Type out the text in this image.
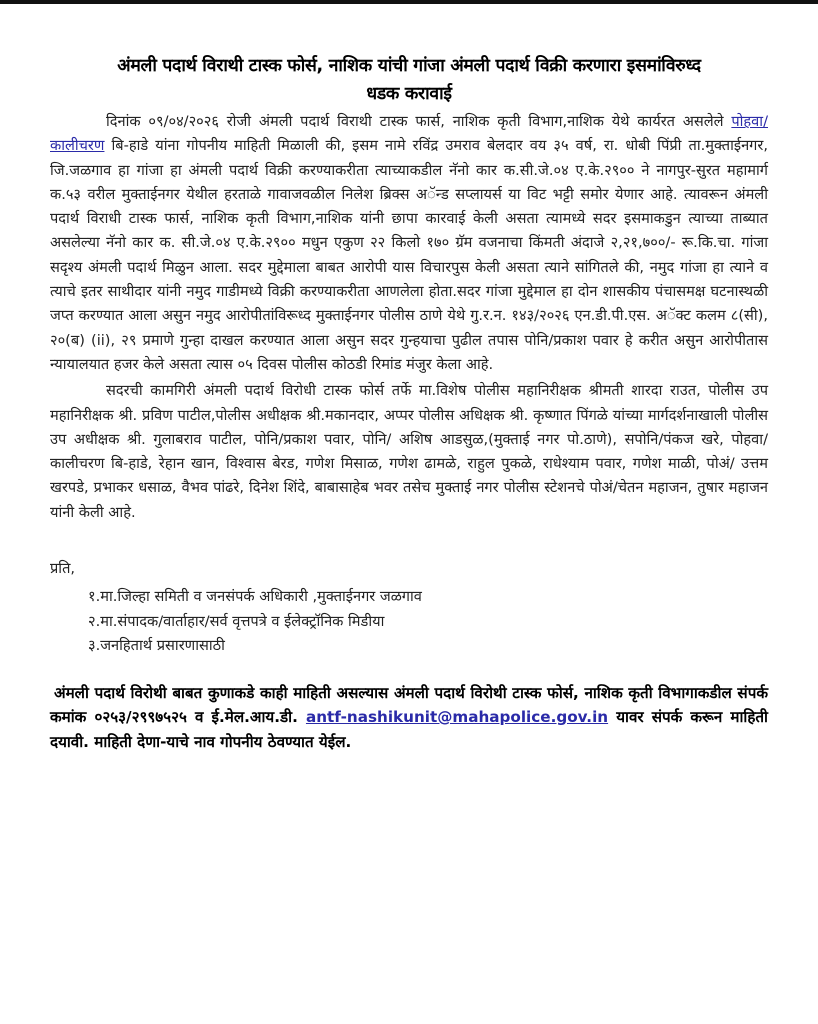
अंमली पदार्थ विराथी टास्क फोर्स, नाशिक यांची गांजा अंमली पदार्थ विक्री करणारा इसमांविरुध्द
धडक करावाई

दिनांक ०९/०४/२०२६ रोजी अंमली पदार्थ विराथी टास्क फार्स, नाशिक कृती विभाग,नाशिक येथे कार्यरत असलेले पोहवा/कालीचरण बि-हाडे यांना गोपनीय माहिती मिळाली की, इसम नामे रविंद्र उमराव बेलदार वय ३५ वर्ष, रा. धोबी पिंप्री ता.मुक्ताईनगर, जि.जळगाव हा गांजा हा अंमली पदार्थ विक्री करण्याकरीता त्याच्याकडील नॅनो कार क.सी.जे.०४ ए.के.२९०० ने नागपुर-सुरत महामार्ग क.५३ वरील मुक्ताईनगर येथील हरताळे गावाजवळील निलेश ब्रिक्स अॅन्ड सप्लायर्स या विट भट्टी समोर येणार आहे. त्यावरून अंमली पदार्थ विराधी टास्क फार्स, नाशिक कृती विभाग,नाशिक यांनी छापा कारवाई केली असता त्यामध्ये सदर इसमाकडुन त्याच्या ताब्यात असलेल्या नॅनो कार क. सी.जे.०४ ए.के.२९०० मधुन एकुण २२ किलो १७० ग्रॅम वजनाचा किंमती अंदाजे २,२१,७००/- रू.कि.चा. गांजा सदृश्य अंमली पदार्थ मिळुन आला. सदर मुद्देमाला बाबत आरोपी यास विचारपुस केली असता त्याने सांगितले की, नमुद गांजा हा त्याने व त्याचे इतर साथीदार यांनी नमुद गाडीमध्ये विक्री करण्याकरीता आणलेला होता.सदर गांजा मुद्देमाल हा दोन शासकीय पंचासमक्ष घटनास्थळी जप्त करण्यात आला असुन नमुद आरोपीतांविरूध्द मुक्ताईनगर पोलीस ठाणे येथे गु.र.न. १४३/२०२६ एन.डी.पी.एस. अॅक्ट कलम ८(सी), २०(ब) (ii), २९ प्रमाणे गुन्हा दाखल करण्यात आला असुन सदर गुन्हयाचा पुढील तपास पोनि/प्रकाश पवार हे करीत असुन आरोपीतास न्यायालयात हजर केले असता त्यास ०५ दिवस पोलीस कोठडी रिमांड मंजुर केला आहे.

सदरची कामगिरी अंमली पदार्थ विरोधी टास्क फोर्स तर्फे मा.विशेष पोलीस महानिरीक्षक श्रीमती शारदा राउत, पोलीस उप महानिरीक्षक श्री. प्रविण पाटील,पोलीस अधीक्षक श्री.मकानदार, अप्पर पोलीस अधिक्षक श्री. कृष्णात पिंगळे यांच्या मार्गदर्शनाखाली पोलीस उप अधीक्षक श्री. गुलाबराव पाटील, पोनि/प्रकाश पवार, पोनि/ अशिष आडसुळ,(मुक्ताई नगर पो.ठाणे), सपोनि/पंकज खरे, पोहवा/ कालीचरण बि-हाडे, रेहान खान, विश्वास बेरड, गणेश मिसाळ, गणेश ढामळे, राहुल पुकळे, राधेश्याम पवार, गणेश माळी, पोअं/ उत्तम खरपडे, प्रभाकर धसाळ, वैभव पांढरे, दिनेश शिंदे, बाबासाहेब भवर तसेच मुक्ताई नगर पोलीस स्टेशनचे पोअं/चेतन महाजन, तुषार महाजन यांनी केली आहे.

प्रति,

१.मा.जिल्हा समिती व जनसंपर्क अधिकारी ,मुक्ताईनगर जळगाव
२.मा.संपादक/वार्ताहार/सर्व वृत्तपत्रे व ईलेक्ट्रॉनिक मिडीया
३.जनहितार्थ प्रसारणासाठी

अंमली पदार्थ विरोथी बाबत कुणाकडे काही माहिती असल्यास अंमली पदार्थ विरोथी टास्क फोर्स, नाशिक कृती विभागाकडील संपर्क कमांक ०२५३/२९९७५२५ व ई.मेल.आय.डी. antf-nashikunit@mahapolice.gov.in यावर संपर्क करून माहिती दयावी. माहिती देणा-याचे नाव गोपनीय ठेवण्यात येईल.
